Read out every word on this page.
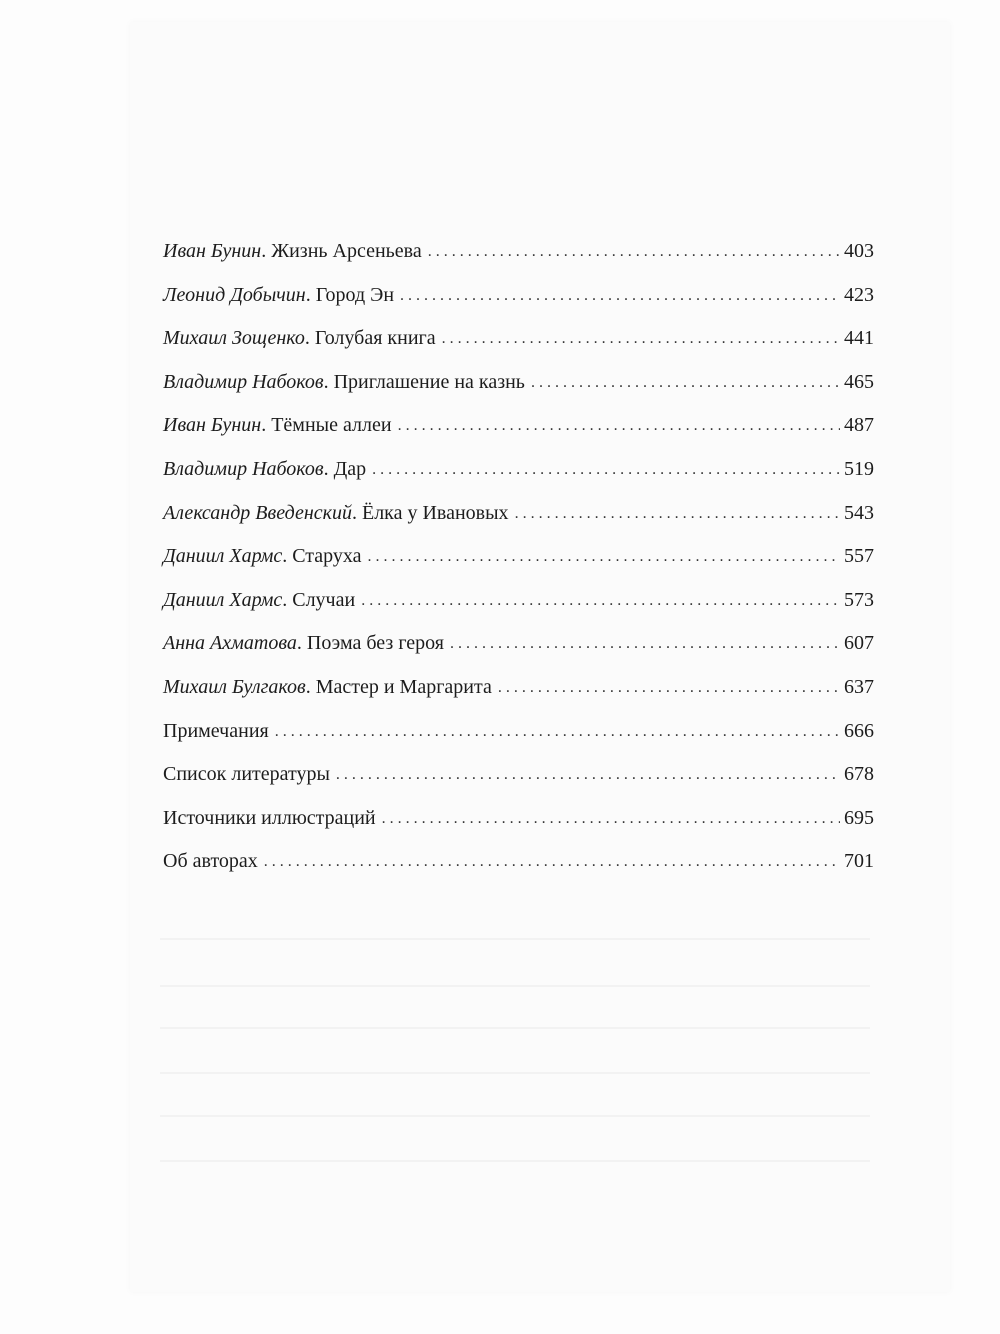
Иван Бунин. Жизнь Арсеньева . . .	403
Леонид Добычин. Город Эн . . .	423
Михаил Зощенко. Голубая книга . . .	441
Владимир Набоков. Приглашение на казнь . . .	465
Иван Бунин. Тёмные аллеи . . .	487
Владимир Набоков. Дар . . .	519
Александр Введенский. Ёлка у Ивановых . . .	543
Даниил Хармс. Старуха . . .	557
Даниил Хармс. Случаи . . .	573
Анна Ахматова. Поэма без героя . . .	607
Михаил Булгаков. Мастер и Маргарита . . .	637
Примечания . . .	666
Список литературы . . .	678
Источники иллюстраций . . .	695
Об авторах . . .	701
